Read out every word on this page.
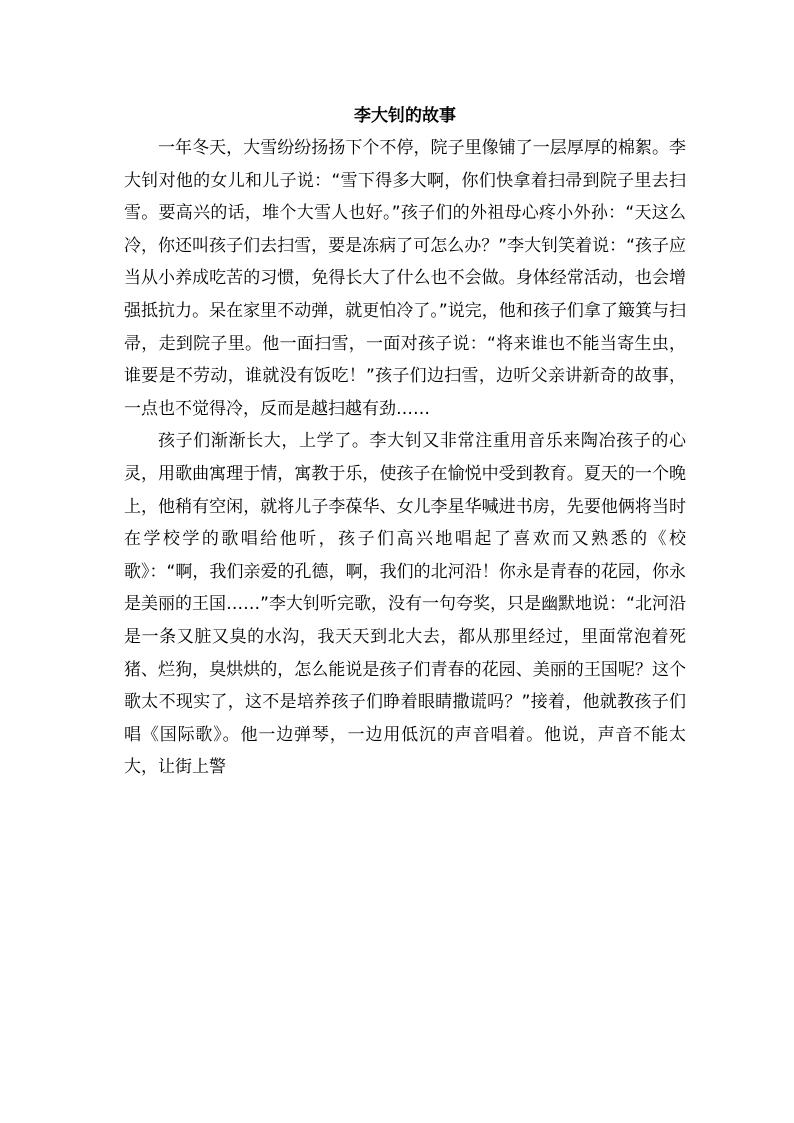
李大钊的故事

一年冬天，大雪纷纷扬扬下个不停，院子里像铺了一层厚厚的棉絮。李大钊对他的女儿和儿子说：“雪下得多大啊，你们快拿着扫帚到院子里去扫雪。要高兴的话，堆个大雪人也好。”孩子们的外祖母心疼小外孙：“天这么冷，你还叫孩子们去扫雪，要是冻病了可怎么办？”李大钊笑着说：“孩子应当从小养成吃苦的习惯，免得长大了什么也不会做。身体经常活动，也会增强抵抗力。呆在家里不动弹，就更怕冷了。”说完，他和孩子们拿了簸箕与扫帚，走到院子里。他一面扫雪，一面对孩子说：“将来谁也不能当寄生虫，谁要是不劳动，谁就没有饭吃！”孩子们边扫雪，边听父亲讲新奇的故事，一点也不觉得冷，反而是越扫越有劲……

孩子们渐渐长大，上学了。李大钊又非常注重用音乐来陶冶孩子的心灵，用歌曲寓理于情，寓教于乐，使孩子在愉悦中受到教育。夏天的一个晚上，他稍有空闲，就将儿子李葆华、女儿李星华喊进书房，先要他俩将当时在学校学的歌唱给他听，孩子们高兴地唱起了喜欢而又熟悉的《校歌》：“啊，我们亲爱的孔德，啊，我们的北河沿！你永是青春的花园，你永是美丽的王国……”李大钊听完歌，没有一句夸奖，只是幽默地说：“北河沿是一条又脏又臭的水沟，我天天到北大去，都从那里经过，里面常泡着死猪、烂狗，臭烘烘的，怎么能说是孩子们青春的花园、美丽的王国呢？这个歌太不现实了，这不是培养孩子们睁着眼睛撒谎吗？”接着，他就教孩子们唱《国际歌》。他一边弹琴，一边用低沉的声音唱着。他说，声音不能太大，让街上警
